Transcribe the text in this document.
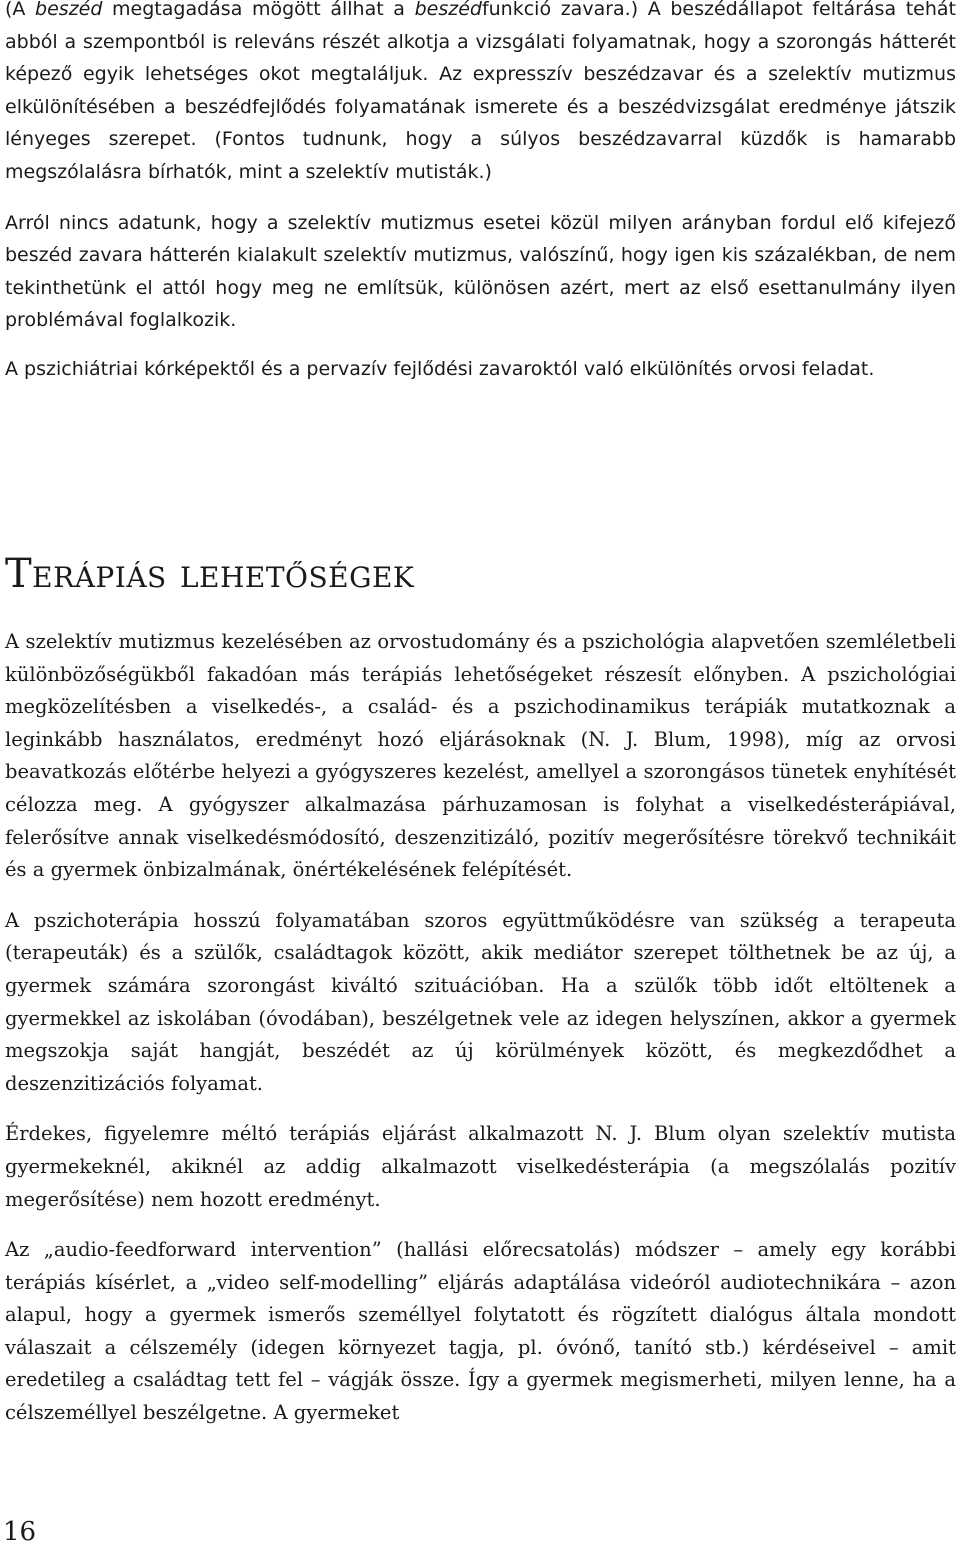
(A beszéd megtagadása mögött állhat a beszédfunkció zavara.) A beszédállapot feltárása tehát abból a szempontból is releváns részét alkotja a vizsgálati folyamatnak, hogy a szorongás hátterét képező egyik lehetséges okot megtaláljuk. Az expresszív beszédzavar és a szelektív mutizmus elkülönítésében a beszédfejlődés folyamatának ismerete és a beszédvizsgálat eredménye játszik lényeges szerepet. (Fontos tudnunk, hogy a súlyos beszédzavarral küzdők is hamarabb megszólalásra bírhatók, mint a szelektív mutisták.)

Arról nincs adatunk, hogy a szelektív mutizmus esetei közül milyen arányban fordul elő kifejező beszéd zavara hátterén kialakult szelektív mutizmus, valószínű, hogy igen kis százalékban, de nem tekinthetünk el attól hogy meg ne említsük, különösen azért, mert az első esettanulmány ilyen problémával foglalkozik.

A pszichiátriai kórképektől és a pervazív fejlődési zavaroktól való elkülönítés orvosi feladat.

Terápiás lehetőségek

A szelektív mutizmus kezelésében az orvostudomány és a pszichológia alapvetően szemléletbeli különbözőségükből fakadóan más terápiás lehetőségeket részesít előnyben. A pszichológiai megközelítésben a viselkedés-, a család- és a pszichodinamikus terápiák mutatkoznak a leginkább használatos, eredményt hozó eljárásoknak (N. J. Blum, 1998), míg az orvosi beavatkozás előtérbe helyezi a gyógyszeres kezelést, amellyel a szorongásos tünetek enyhítését célozza meg. A gyógyszer alkalmazása párhuzamosan is folyhat a viselkedésterápiával, felerősítve annak viselkedésmódosító, deszenzitizáló, pozitív megerősítésre törekvő technikáit és a gyermek önbizalmának, önértékelésének felépítését.

A pszichoterápia hosszú folyamatában szoros együttműködésre van szükség a terapeuta (terapeuták) és a szülők, családtagok között, akik mediátor szerepet tölthetnek be az új, a gyermek számára szorongást kiváltó szituációban. Ha a szülők több időt eltöltenek a gyermekkel az iskolában (óvodában), beszélgetnek vele az idegen helyszínen, akkor a gyermek megszokja saját hangját, beszédét az új körülmények között, és megkezdődhet a deszenzitizációs folyamat.

Érdekes, figyelemre méltó terápiás eljárást alkalmazott N. J. Blum olyan szelektív mutista gyermekeknél, akiknél az addig alkalmazott viselkedésterápia (a megszólalás pozitív megerősítése) nem hozott eredményt.

Az „audio-feedforward intervention” (hallási előrecsatolás) módszer – amely egy korábbi terápiás kísérlet, a „video self-modelling” eljárás adaptálása videóról audiotechnikára – azon alapul, hogy a gyermek ismerős személlyel folytatott és rögzített dialógus általa mondott válaszait a célszemély (idegen környezet tagja, pl. óvónő, tanító stb.) kérdéseivel – amit eredetileg a családtag tett fel – vágják össze. Így a gyermek megismerheti, milyen lenne, ha a célszeméllyel beszélgetne. A gyermeket

16
